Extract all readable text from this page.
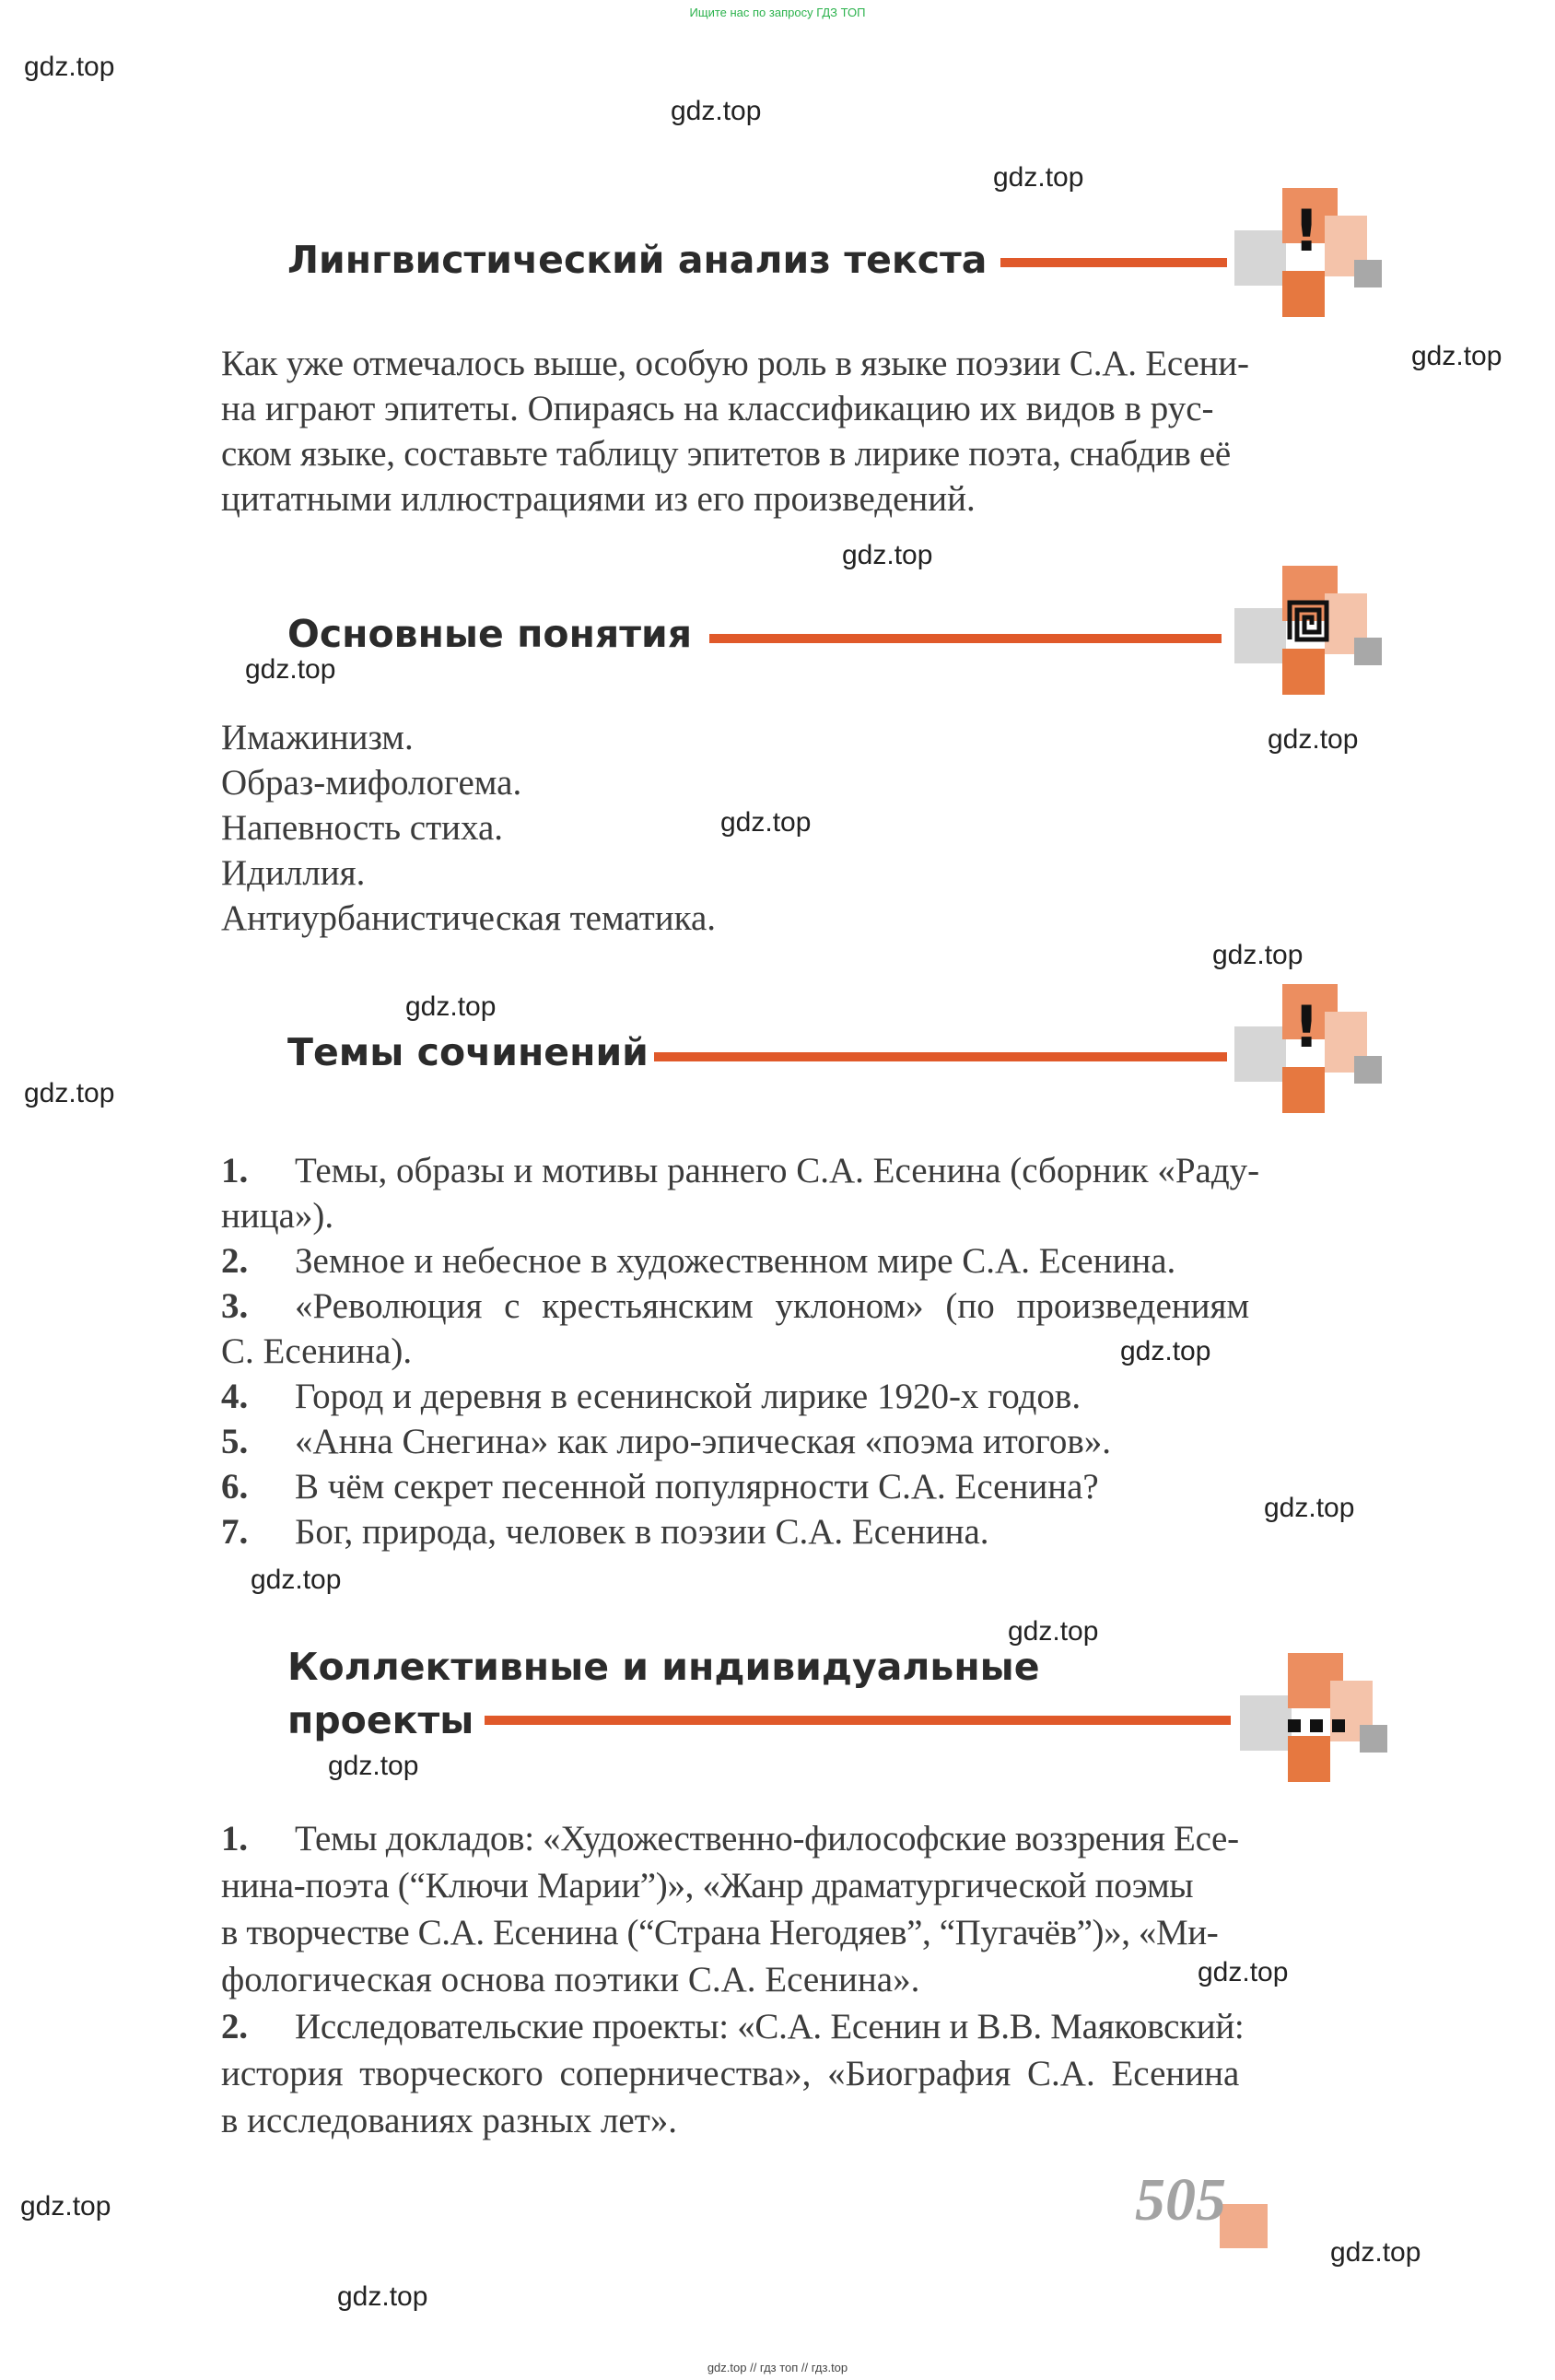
Ищите нас по запросу ГДЗ ТОП
gdz.top
gdz.top
gdz.top
gdz.top
gdz.top
gdz.top
gdz.top
gdz.top
gdz.top
gdz.top
gdz.top
gdz.top
gdz.top
gdz.top
gdz.top
gdz.top
gdz.top
gdz.top
gdz.top
gdz.top
Лингвистический анализ текста	!
Как уже отмечалось выше, особую роль в языке поэзии С.А. Есени-
на играют эпитеты. Опираясь на классификацию их видов в рус-
ском языке, составьте таблицу эпитетов в лирике поэта, снабдив её
цитатными иллюстрациями из его произведений.
Основные понятия
Имажинизм.
Образ-мифологема.
Напевность стиха.
Идиллия.
Антиурбанистическая тематика.
Темы сочинений	!
1. Темы, образы и мотивы раннего С.А. Есенина (сборник «Раду-
ница»).
2. Земное и небесное в художественном мире С.А. Есенина.
3. «Революция с крестьянским уклоном» (по произведениям
С. Есенина).
4. Город и деревня в есенинской лирике 1920-х годов.
5. «Анна Снегина» как лиро-эпическая «поэма итогов».
6. В чём секрет песенной популярности С.А. Есенина?
7. Бог, природа, человек в поэзии С.А. Есенина.
Коллективные и индивидуальные
проекты
1. Темы докладов: «Художественно-философские воззрения Есе-
нина-поэта (“Ключи Марии”)», «Жанр драматургической поэмы
в творчестве С.А. Есенина (“Страна Негодяев”, “Пугачёв”)», «Ми-
фологическая основа поэтики С.А. Есенина».
2. Исследовательские проекты: «С.А. Есенин и В.В. Маяковский:
история творческого соперничества», «Биография С.А. Есенина
в исследованиях разных лет».
505
gdz.top // гдз топ // гдз.top
